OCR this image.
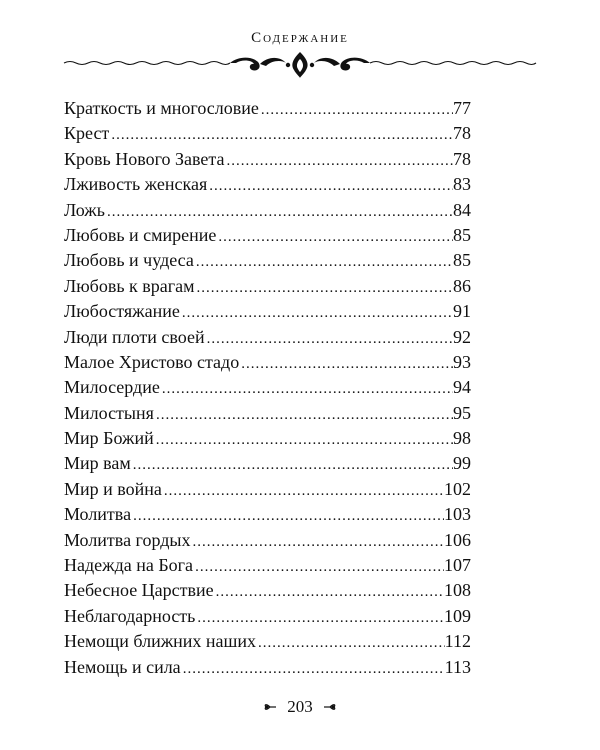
Содержание
Краткость и многословие .....	77
Крест .....	78
Кровь Нового Завета .....	78
Лживость женская .....	83
Ложь .....	84
Любовь и смирение .....	85
Любовь и чудеса .....	85
Любовь к врагам .....	86
Любостяжание .....	91
Люди плоти своей .....	92
Малое Христово стадо .....	93
Милосердие .....	94
Милостыня .....	95
Мир Божий .....	98
Мир вам .....	99
Мир и война .....	102
Молитва .....	103
Молитва гордых .....	106
Надежда на Бога .....	107
Небесное Царствие .....	108
Неблагодарность .....	109
Немощи ближних наших .....	112
Немощь и сила .....	113
203
